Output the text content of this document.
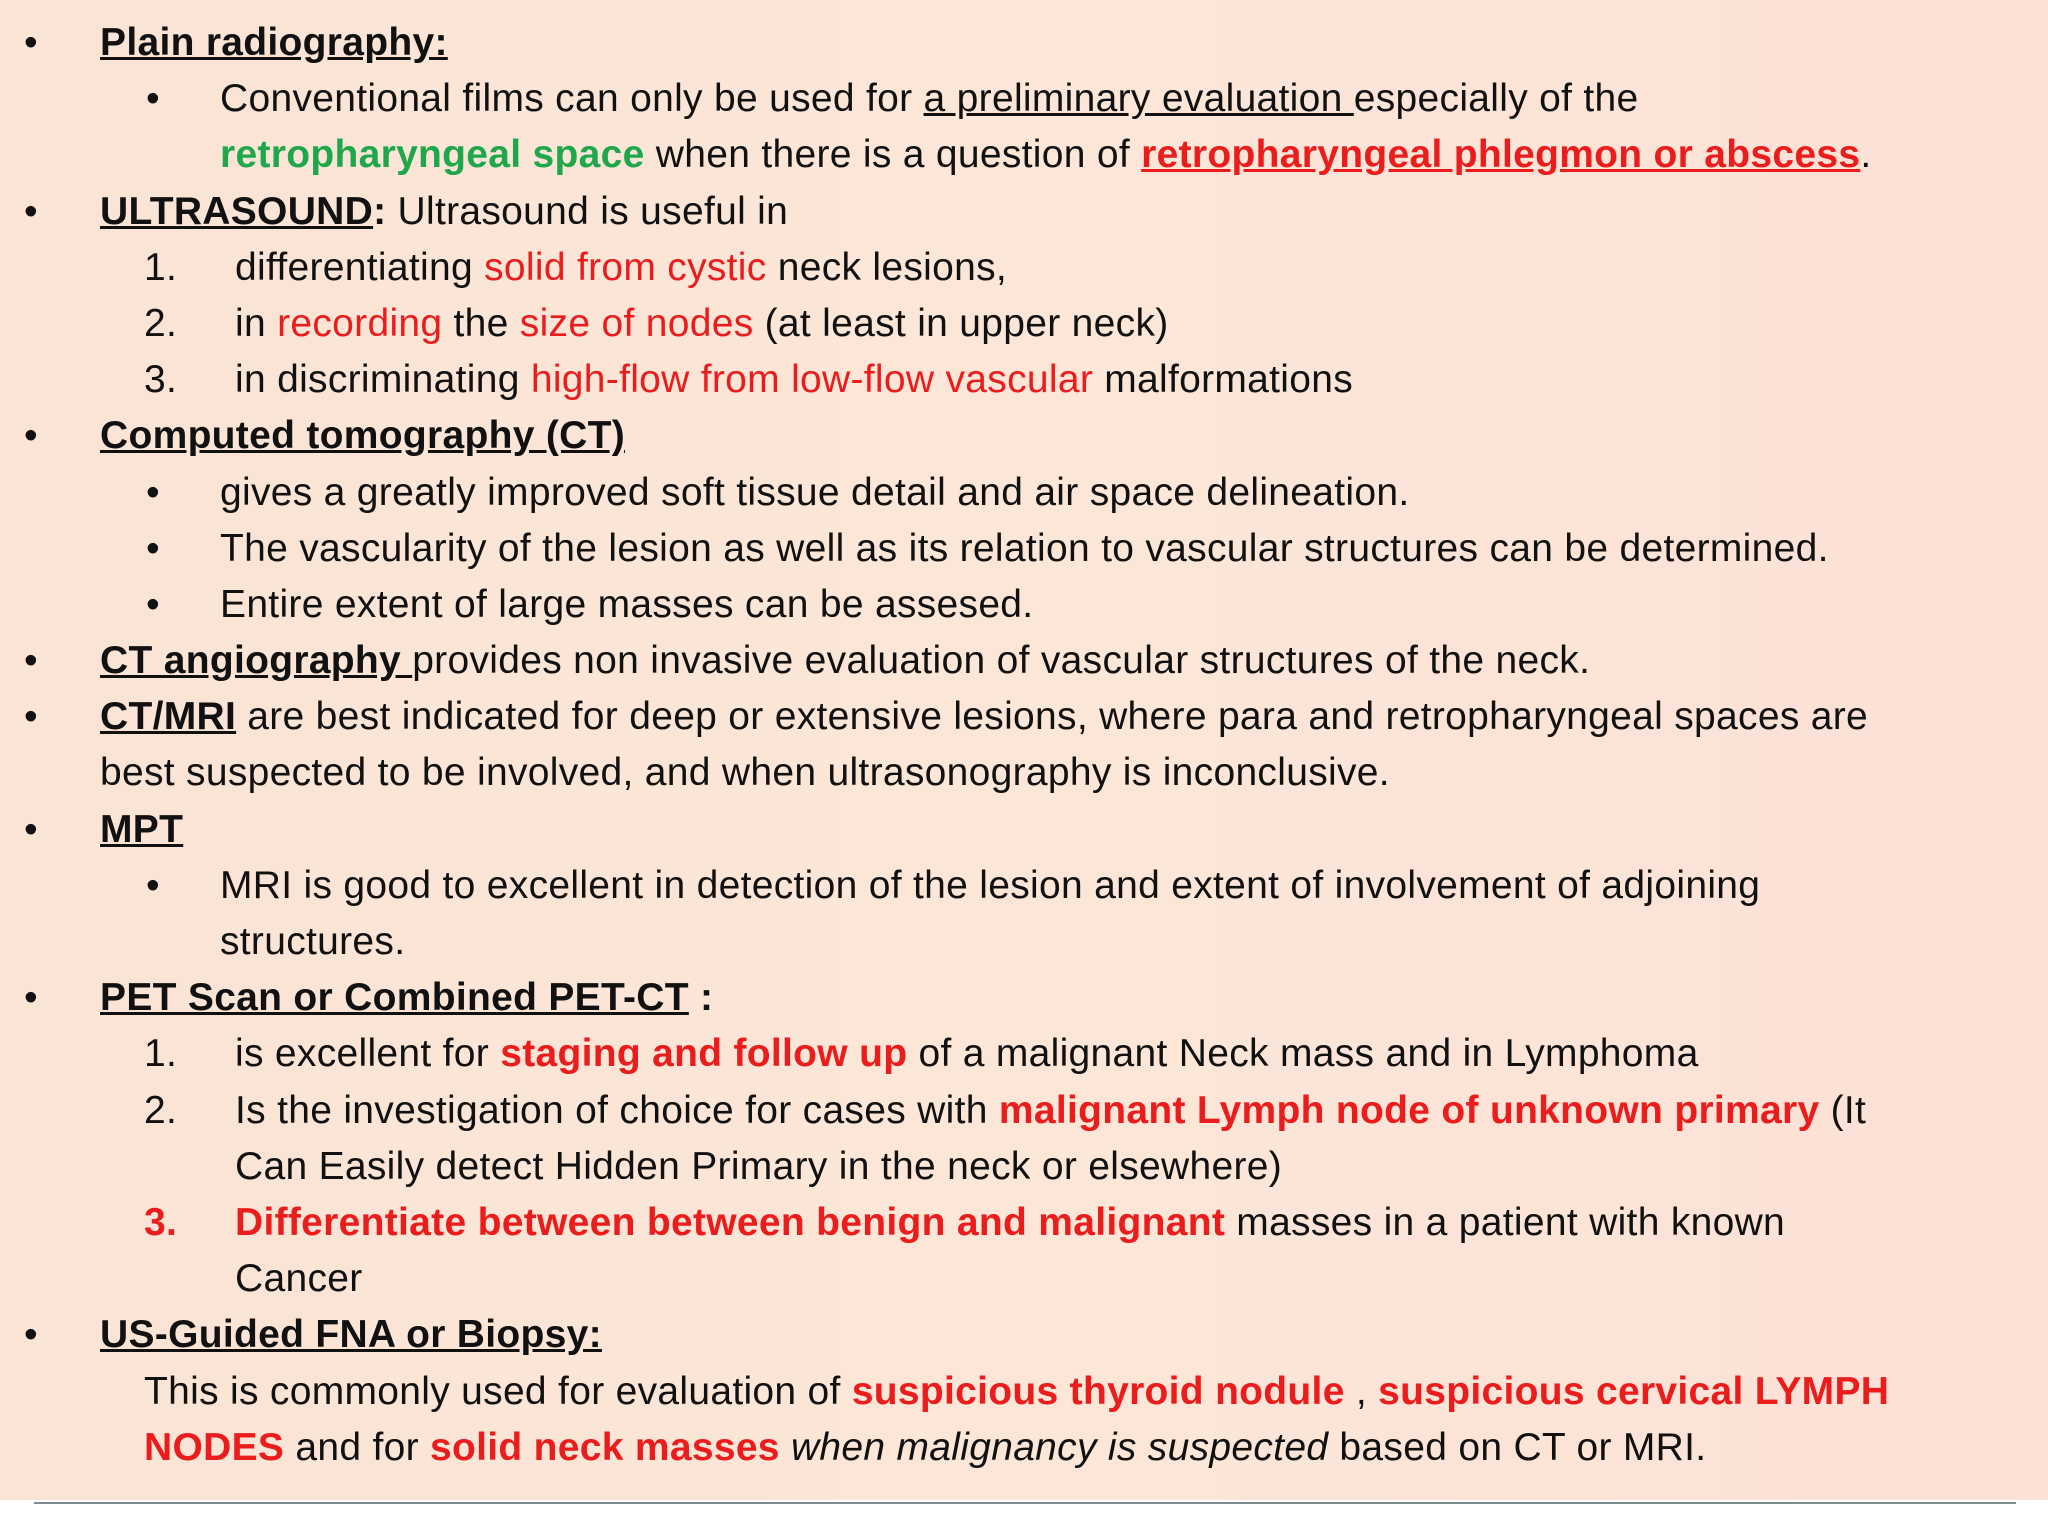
• Plain radiography:
• Conventional films can only be used for a preliminary evaluation especially of the
retropharyngeal space when there is a question of retropharyngeal phlegmon or abscess.
• ULTRASOUND: Ultrasound is useful in
1. differentiating solid from cystic neck lesions,
2. in recording the size of nodes (at least in upper neck)
3. in discriminating high-flow from low-flow vascular malformations
• Computed tomography (CT)
• gives a greatly improved soft tissue detail and air space delineation.
• The vascularity of the lesion as well as its relation to vascular structures can be determined.
• Entire extent of large masses can be assesed.
• CT angiography provides non invasive evaluation of vascular structures of the neck.
• CT/MRI are best indicated for deep or extensive lesions, where para and retropharyngeal spaces are
best suspected to be involved, and when ultrasonography is inconclusive.
• MPT
• MRI is good to excellent in detection of the lesion and extent of involvement of adjoining
structures.
• PET Scan or Combined PET-CT :
1. is excellent for staging and follow up of a malignant Neck mass and in Lymphoma
2. Is the investigation of choice for cases with malignant Lymph node of unknown primary (It
Can Easily detect Hidden Primary in the neck or elsewhere)
3. Differentiate between between benign and malignant masses in a patient with known
Cancer
• US-Guided FNA or Biopsy:
This is commonly used for evaluation of suspicious thyroid nodule , suspicious cervical LYMPH
NODES and for solid neck masses when malignancy is suspected based on CT or MRI.
